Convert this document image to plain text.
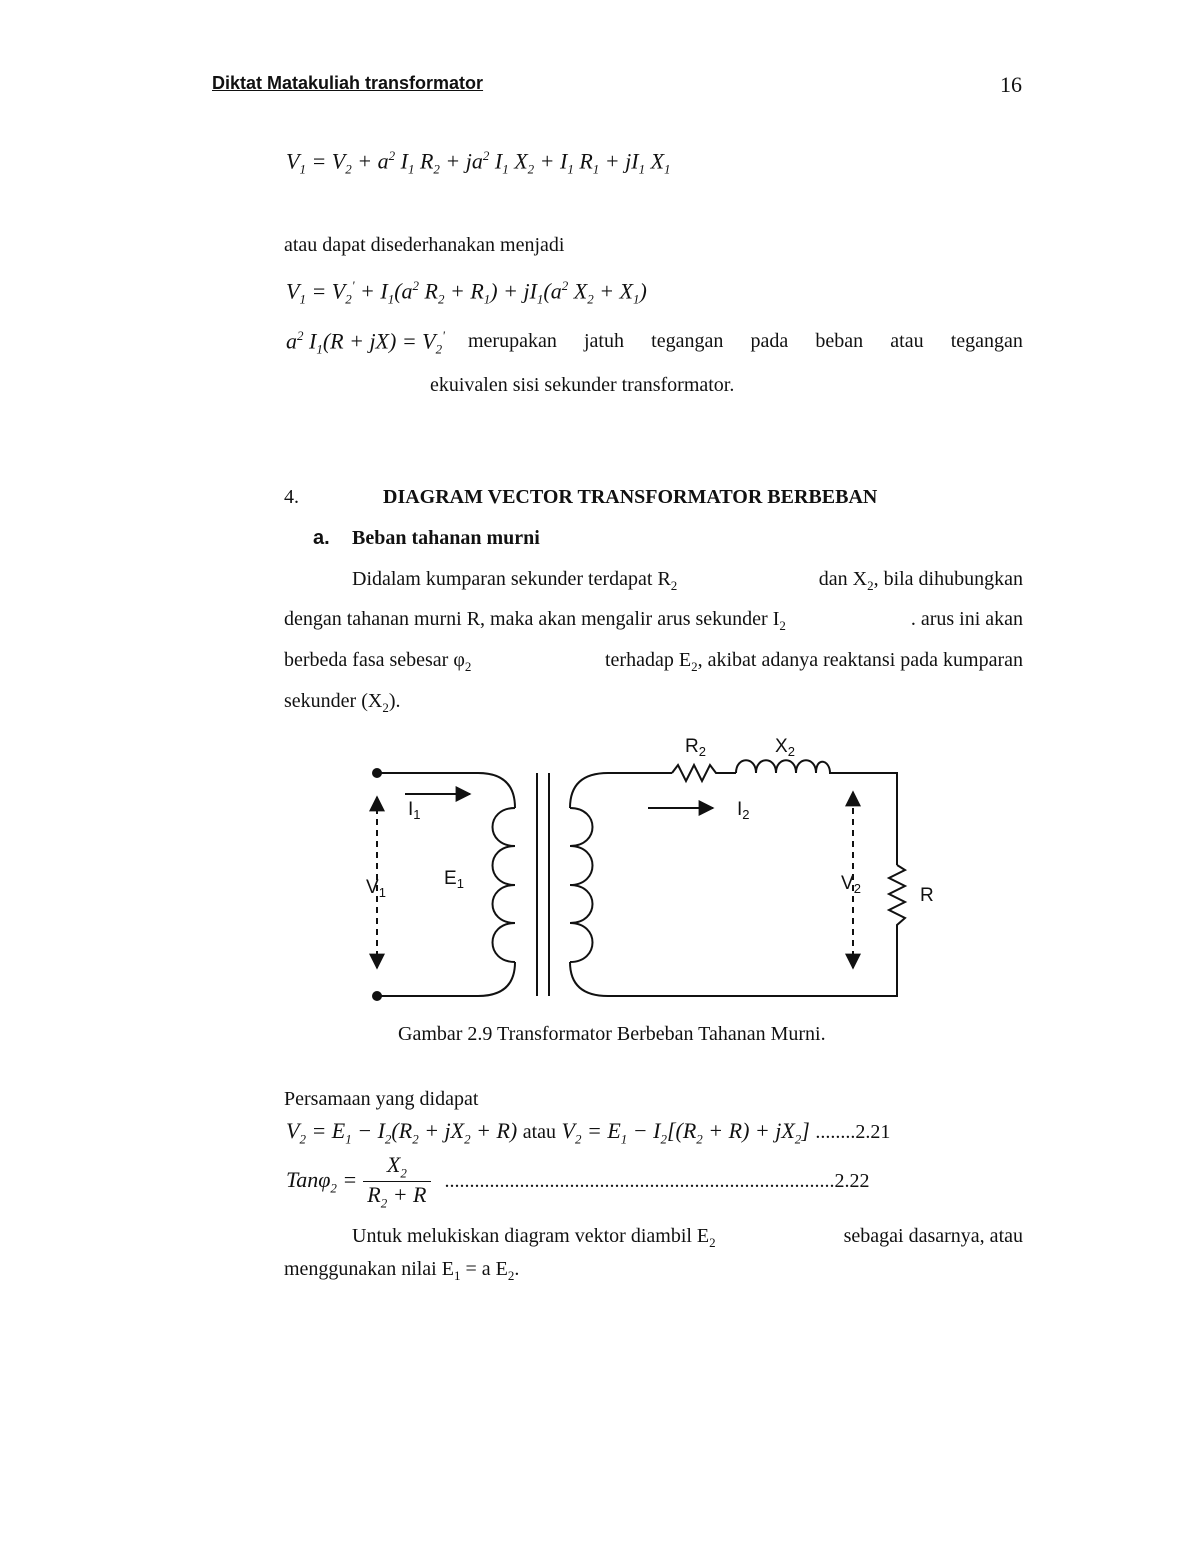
Diktat Matakuliah transformator	16
$V_1 = V_2 + a^2$ $I_1$ $R_2 + ja^2$ $I_1$ $X_2 + I_1$ $R_1 + jI_1$ $X_1$
atau dapat disederhanakan menjadi
$V_1 = V_2' + I_1(a^2$ $R_2 + R_1) + jI_1(a^2$ $X_2 + X_1$)
$a^2$ $I_1(R + jX) = V_2'$ merupakan jatuh tegangan pada beban atau tegangan
ekuivalen sisi sekunder transformator.
4.	DIAGRAM VECTOR TRANSFORMATOR BERBEBAN
a. Beban tahanan murni
Didalam kumparan sekunder terdapat $R_2$	dan $X_2$, bila dihubungkan
dengan tahanan murni R, maka akan mengalir arus sekunder $I_2$	. arus ini akan
berbeda fasa sebesar $\varphi_2$	terhadap $E_2$, akibat adanya reaktansi pada kumparan
sekunder $(X_2)$.
$R_2$	$X_2$
$I_1$	$I_2$
$E_1$
$V_1$	$V_2$	R
Gambar 2.9 Transformator Berbeban Tahanan Murni.
Persamaan yang didapat
$V_2 = E_1 - I_2(R_2 + jX_2 + R)$ atau $V_2 = E_1 - I_2[(R_2 + R) + jX_2]$ ........2.21
$Tan\varphi_2 = \frac{X_2}{R_2 + R} ..............................................................................2.22$
Untuk melukiskan diagram vektor diambil $E_2$	sebagai dasarnya, atau
menggunakan nilai $E_1 = a$ $E_2$.
